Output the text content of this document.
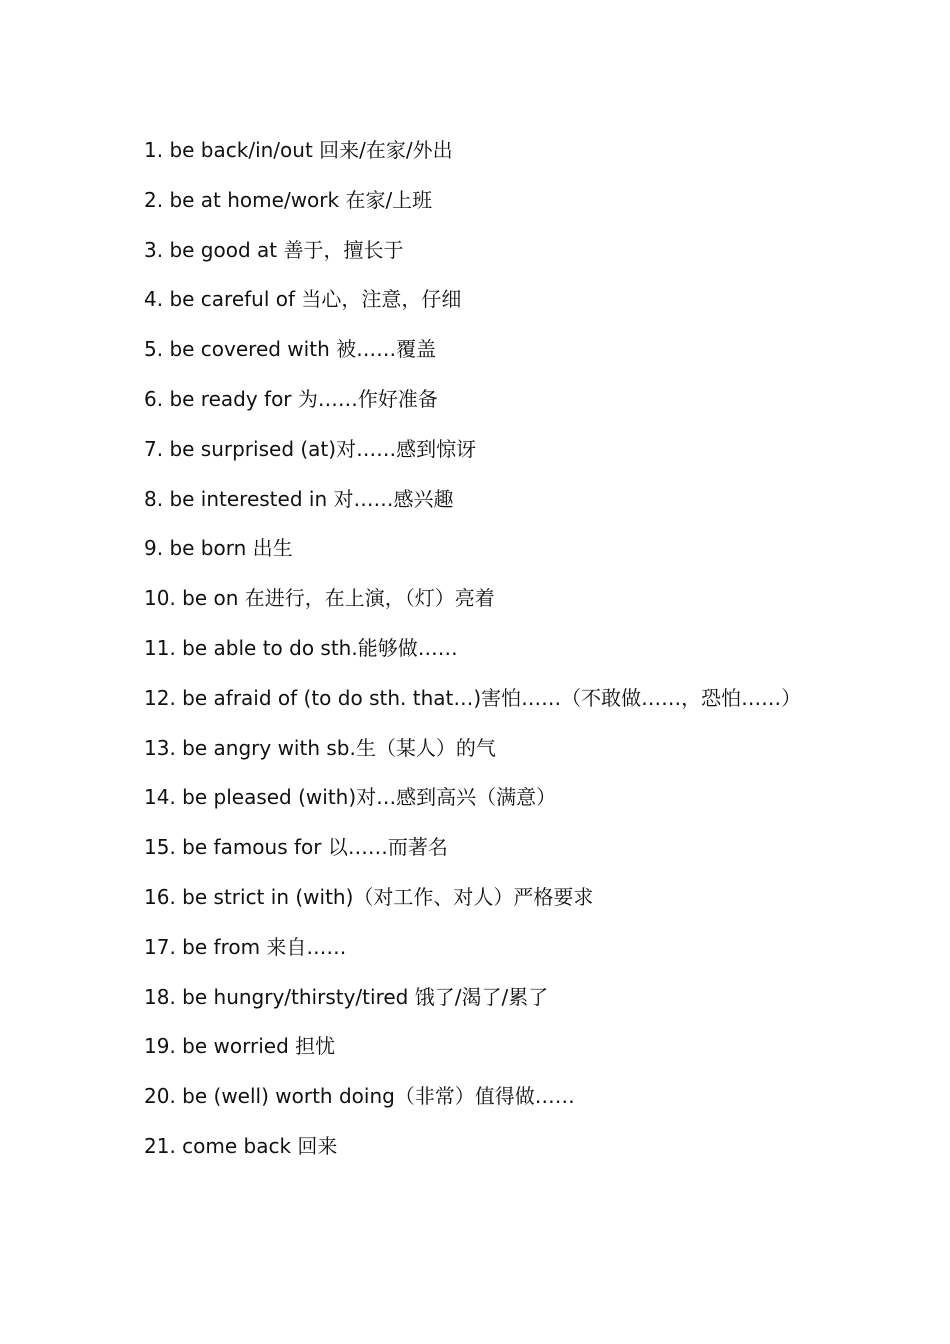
1. be back/in/out 回来/在家/外出
2. be at home/work 在家/上班
3. be good at 善于，擅长于
4. be careful of 当心，注意，仔细
5. be covered with 被……覆盖
6. be ready for 为……作好准备
7. be surprised (at)对……感到惊讶
8. be interested in 对……感兴趣
9. be born 出生
10. be on 在进行，在上演，（灯）亮着
11. be able to do sth.能够做……
12. be afraid of (to do sth. that…)害怕……（不敢做……，恐怕……）
13. be angry with sb.生（某人）的气
14. be pleased (with)对…感到高兴（满意）
15. be famous for 以……而著名
16. be strict in (with)（对工作、对人）严格要求
17. be from 来自……
18. be hungry/thirsty/tired 饿了/渴了/累了
19. be worried 担忧
20. be (well) worth doing（非常）值得做……
21. come back 回来
